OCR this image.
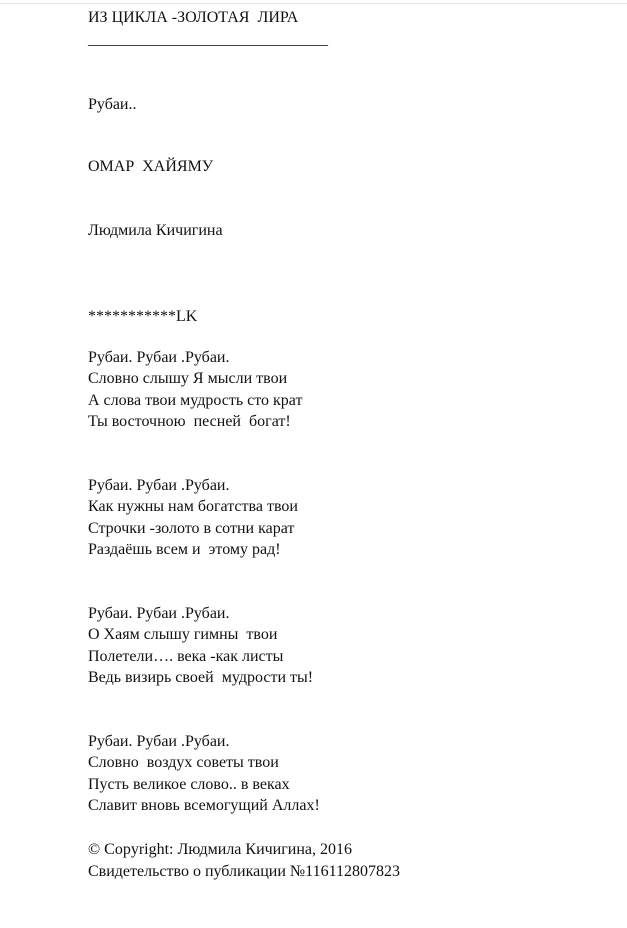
ИЗ ЦИКЛА -ЗОЛОТАЯ  ЛИРА
______________________________
Рубаи..
ОМАР  ХАЙЯМУ
Людмила Кичигина
***********LK
Рубаи. Рубаи .Рубаи.
Словно слышу Я мысли твои
А слова твои мудрость сто крат
Ты восточною  песней  богат!
Рубаи. Рубаи .Рубаи.
Как нужны нам богатства твои
Строчки -золото в сотни карат
Раздаёшь всем и  этому рад!
Рубаи. Рубаи .Рубаи.
О Хаям слышу гимны  твои
Полетели…. века -как листы
Ведь визирь своей  мудрости ты!
Рубаи. Рубаи .Рубаи.
Словно  воздух советы твои
Пусть великое слово.. в веках
Славит вновь всемогущий Аллах!
© Copyright: Людмила Кичигина, 2016
Свидетельство о публикации №116112807823
